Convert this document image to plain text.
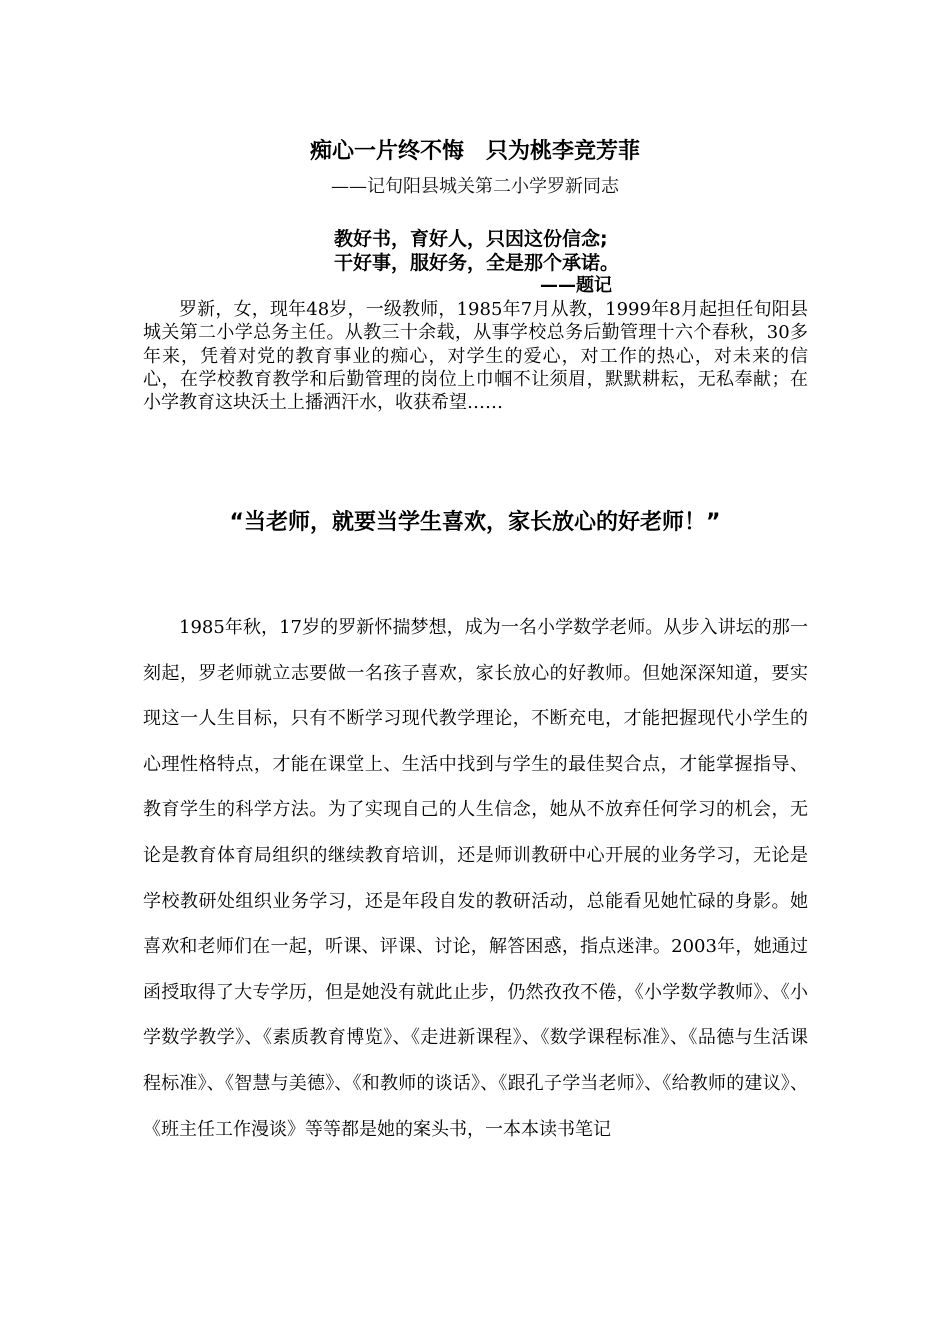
痴心一片终不悔　只为桃李竞芳菲
——记旬阳县城关第二小学罗新同志
教好书，育好人，只因这份信念;
干好事，服好务，全是那个承诺。
——题记

罗新，女，现年48岁，一级教师，1985年7月从教，1999年8月起担任旬阳县城关第二小学总务主任。从教三十余载，从事学校总务后勤管理十六个春秋，30多年来，凭着对党的教育事业的痴心，对学生的爱心，对工作的热心，对未来的信心，在学校教育教学和后勤管理的岗位上巾帼不让须眉，默默耕耘，无私奉献；在小学教育这块沃土上播洒汗水，收获希望……

“当老师，就要当学生喜欢，家长放心的好老师！”

1985年秋，17岁的罗新怀揣梦想，成为一名小学数学老师。从步入讲坛的那一刻起，罗老师就立志要做一名孩子喜欢，家长放心的好教师。但她深深知道，要实现这一人生目标，只有不断学习现代教学理论，不断充电，才能把握现代小学生的心理性格特点，才能在课堂上、生活中找到与学生的最佳契合点，才能掌握指导、教育学生的科学方法。为了实现自己的人生信念，她从不放弃任何学习的机会，无论是教育体育局组织的继续教育培训，还是师训教研中心开展的业务学习，无论是学校教研处组织业务学习，还是年段自发的教研活动，总能看见她忙碌的身影。她喜欢和老师们在一起，听课、评课、讨论，解答困惑，指点迷津。2003年，她通过函授取得了大专学历，但是她没有就此止步，仍然孜孜不倦，《小学数学教师》、《小学数学教学》、《素质教育博览》、《走进新课程》、《数学课程标准》、《品德与生活课程标准》、《智慧与美德》、《和教师的谈话》、《跟孔子学当老师》、《给教师的建议》、《班主任工作漫谈》等等都是她的案头书，一本本读书笔记
